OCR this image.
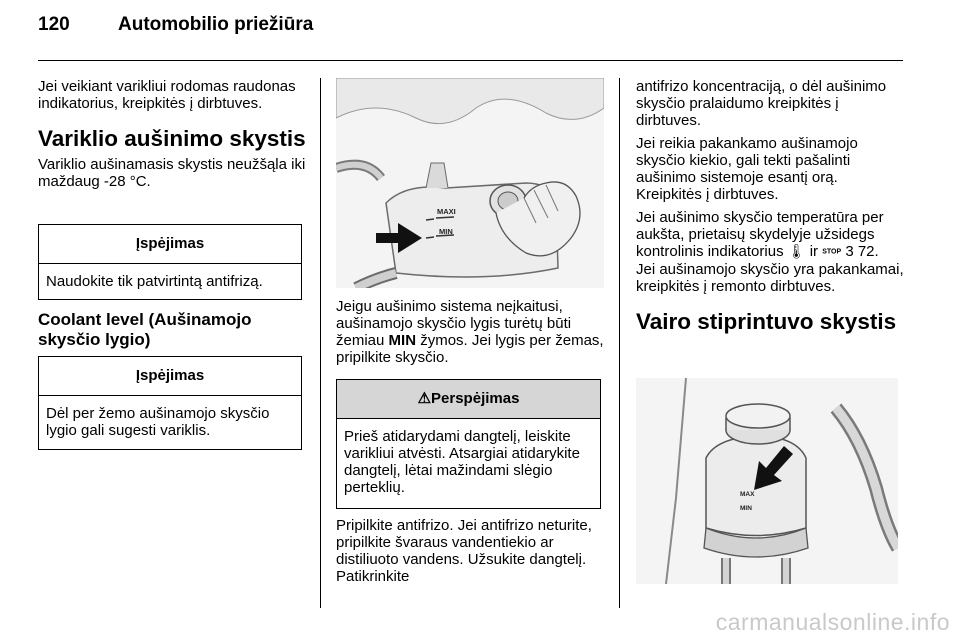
120	Automobilio priežiūra

Jei veikiant varikliui rodomas raudonas indikatorius, kreipkitės į dirbtuves.

Variklio aušinimo skystis

Variklio aušinamasis skystis neužšąla iki maždaug -28 °C.

Įspėjimas
Naudokite tik patvirtintą antifrizą.
Coolant level (Aušinamojo skysčio lygio)
Įspėjimas
Dėl per žemo aušinamojo skysčio lygio gali sugesti variklis.
MAXI
MIN

Jeigu aušinimo sistema neįkaitusi, aušinamojo skysčio lygis turėtų būti žemiau MIN žymos. Jei lygis per žemas, pripilkite skysčio.

⚠Perspėjimas
Prieš atidarydami dangtelį, leiskite varikliui atvėsti. Atsargiai atidarykite dangtelį, lėtai mažindami slėgio perteklių.

Pripilkite antifrizo. Jei antifrizo neturite, pripilkite švaraus vandentiekio ar distiliuoto vandens. Užsukite dangtelį. Patikrinkite

antifrizo koncentraciją, o dėl aušinimo skysčio pralaidumo kreipkitės į dirbtuves.

Jei reikia pakankamo aušinamojo skysčio kiekio, gali tekti pašalinti aušinimo sistemoje esantį orą. Kreipkitės į dirbtuves.

Jei aušinimo skysčio temperatūra per aukšta, prietaisų skydelyje užsidegs kontrolinis indikatorius 🌡︎ ir STOP 3 72.

Jei aušinamojo skysčio yra pakankamai, kreipkitės į remonto dirbtuves.

Vairo stiprintuvo skystis
MAX
MIN
carmanualsonline.info
